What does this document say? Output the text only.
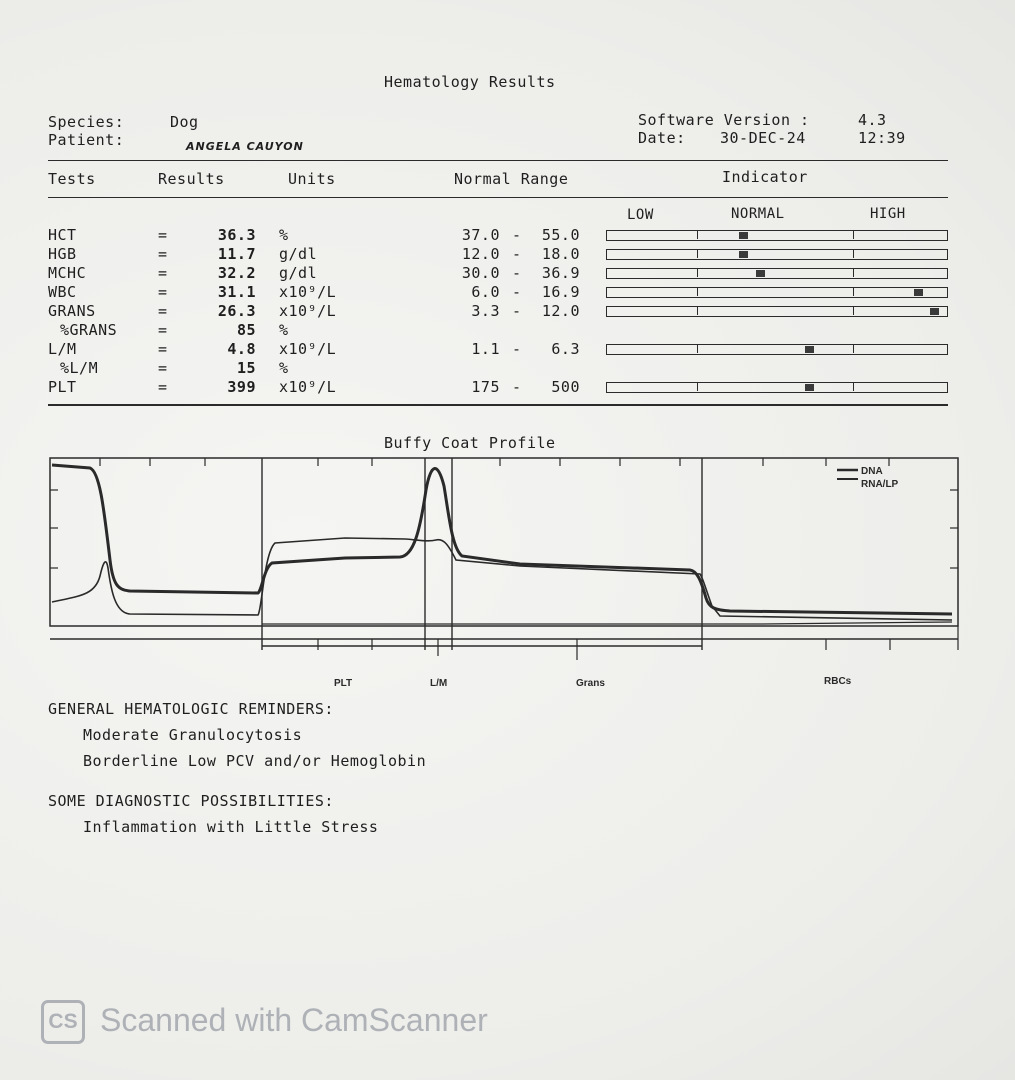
Hematology Results
Species:	Dog
Patient:	ANGELA CAUYON
Software Version :	4.3
Date: 30-DEC-24	12:39
Tests	Results	Units	Normal Range	Indicator
LOW	NORMAL	HIGH
HCT	=	36.3 %	37.0 -	55.0
HGB	=	11.7 g/dl	12.0 -	18.0
MCHC	=	32.2 g/dl	30.0 -	36.9
WBC	=	31.1 x10⁹/L	6.0 -	16.9
GRANS	=	26.3 x10⁹/L	3.3 -	12.0
%GRANS	=	85 %
L/M	=	4.8 x10⁹/L	1.1 -	6.3
%L/M	=	15 %
PLT	=	399 x10⁹/L	175 -	500
Buffy Coat Profile
DNA
RNA/LP
PLT	L/M	Grans	RBCs
GENERAL HEMATOLOGIC REMINDERS:
Moderate Granulocytosis
Borderline Low PCV and/or Hemoglobin
SOME DIAGNOSTIC POSSIBILITIES:
Inflammation with Little Stress
CS Scanned with CamScanner
